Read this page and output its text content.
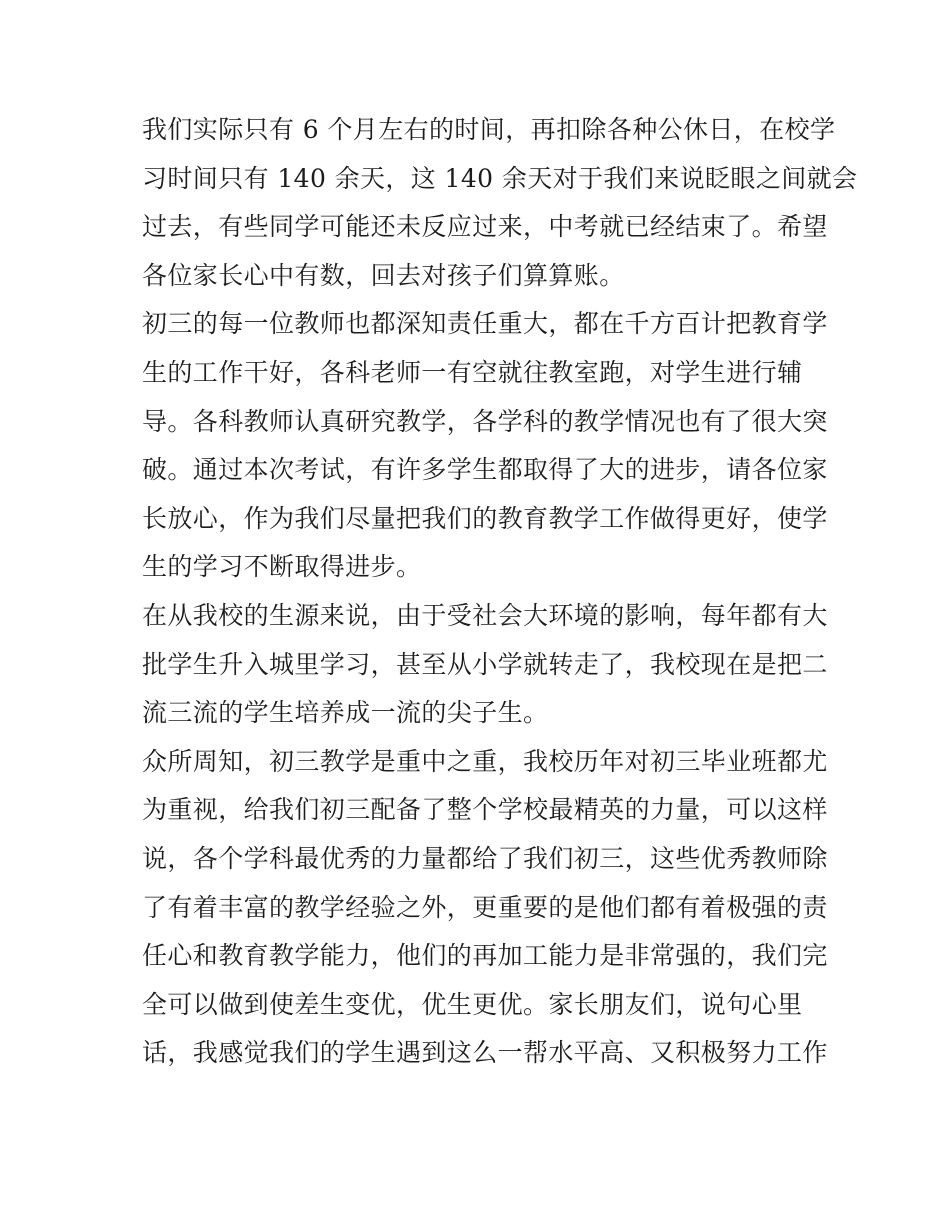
我们实际只有 6 个月左右的时间，再扣除各种公休日，在校学
习时间只有 140 余天，这 140 余天对于我们来说眨眼之间就会
过去，有些同学可能还未反应过来，中考就已经结束了。希望
各位家长心中有数，回去对孩子们算算账。
初三的每一位教师也都深知责任重大，都在千方百计把教育学
生的工作干好，各科老师一有空就往教室跑，对学生进行辅
导。各科教师认真研究教学，各学科的教学情况也有了很大突
破。通过本次考试，有许多学生都取得了大的进步，请各位家
长放心，作为我们尽量把我们的教育教学工作做得更好，使学
生的学习不断取得进步。
在从我校的生源来说，由于受社会大环境的影响，每年都有大
批学生升入城里学习，甚至从小学就转走了，我校现在是把二
流三流的学生培养成一流的尖子生。
众所周知，初三教学是重中之重，我校历年对初三毕业班都尤
为重视，给我们初三配备了整个学校最精英的力量，可以这样
说，各个学科最优秀的力量都给了我们初三，这些优秀教师除
了有着丰富的教学经验之外，更重要的是他们都有着极强的责
任心和教育教学能力，他们的再加工能力是非常强的，我们完
全可以做到使差生变优，优生更优。家长朋友们，说句心里
话，我感觉我们的学生遇到这么一帮水平高、又积极努力工作
